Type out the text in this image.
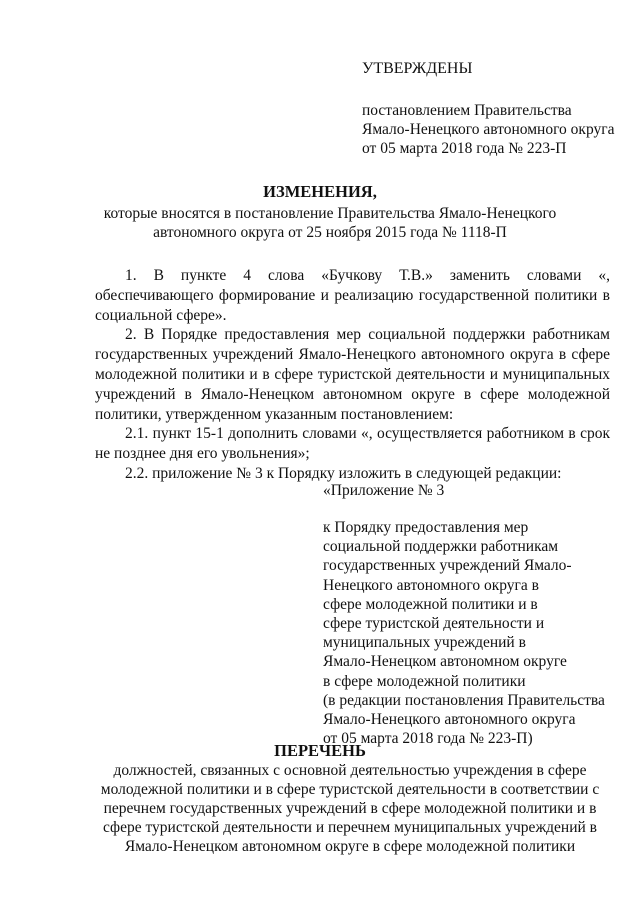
УТВЕРЖДЕНЫ
постановлением Правительства
Ямало-Ненецкого автономного округа
от 05 марта 2018 года № 223-П
ИЗМЕНЕНИЯ,
которые вносятся в постановление Правительства Ямало-Ненецкого
автономного округа от 25 ноября 2015 года № 1118-П

1. В пункте 4 слова «Бучкову Т.В.» заменить словами «, обеспечивающего формирование и реализацию государственной политики в социальной сфере».

2. В Порядке предоставления мер социальной поддержки работникам государственных учреждений Ямало-Ненецкого автономного округа в сфере молодежной политики и в сфере туристской деятельности и муниципальных учреждений в Ямало-Ненецком автономном округе в сфере молодежной политики, утвержденном указанным постановлением:

2.1. пункт 15-1 дополнить словами «, осуществляется работником в срок не позднее дня его увольнения»;

2.2. приложение № 3 к Порядку изложить в следующей редакции:

«Приложение № 3
к Порядку предоставления мер
социальной поддержки работникам
государственных учреждений Ямало-
Ненецкого автономного округа в
сфере молодежной политики и в
сфере туристской деятельности и
муниципальных учреждений в
Ямало-Ненецком автономном округе
в сфере молодежной политики
(в редакции постановления Правительства
Ямало-Ненецкого автономного округа
от 05 марта 2018 года № 223-П)
ПЕРЕЧЕНЬ
должностей, связанных с основной деятельностью учреждения в сфере
молодежной политики и в сфере туристской деятельности в соответствии с
перечнем государственных учреждений в сфере молодежной политики и в
сфере туристской деятельности и перечнем муниципальных учреждений в
Ямало-Ненецком автономном округе в сфере молодежной политики
